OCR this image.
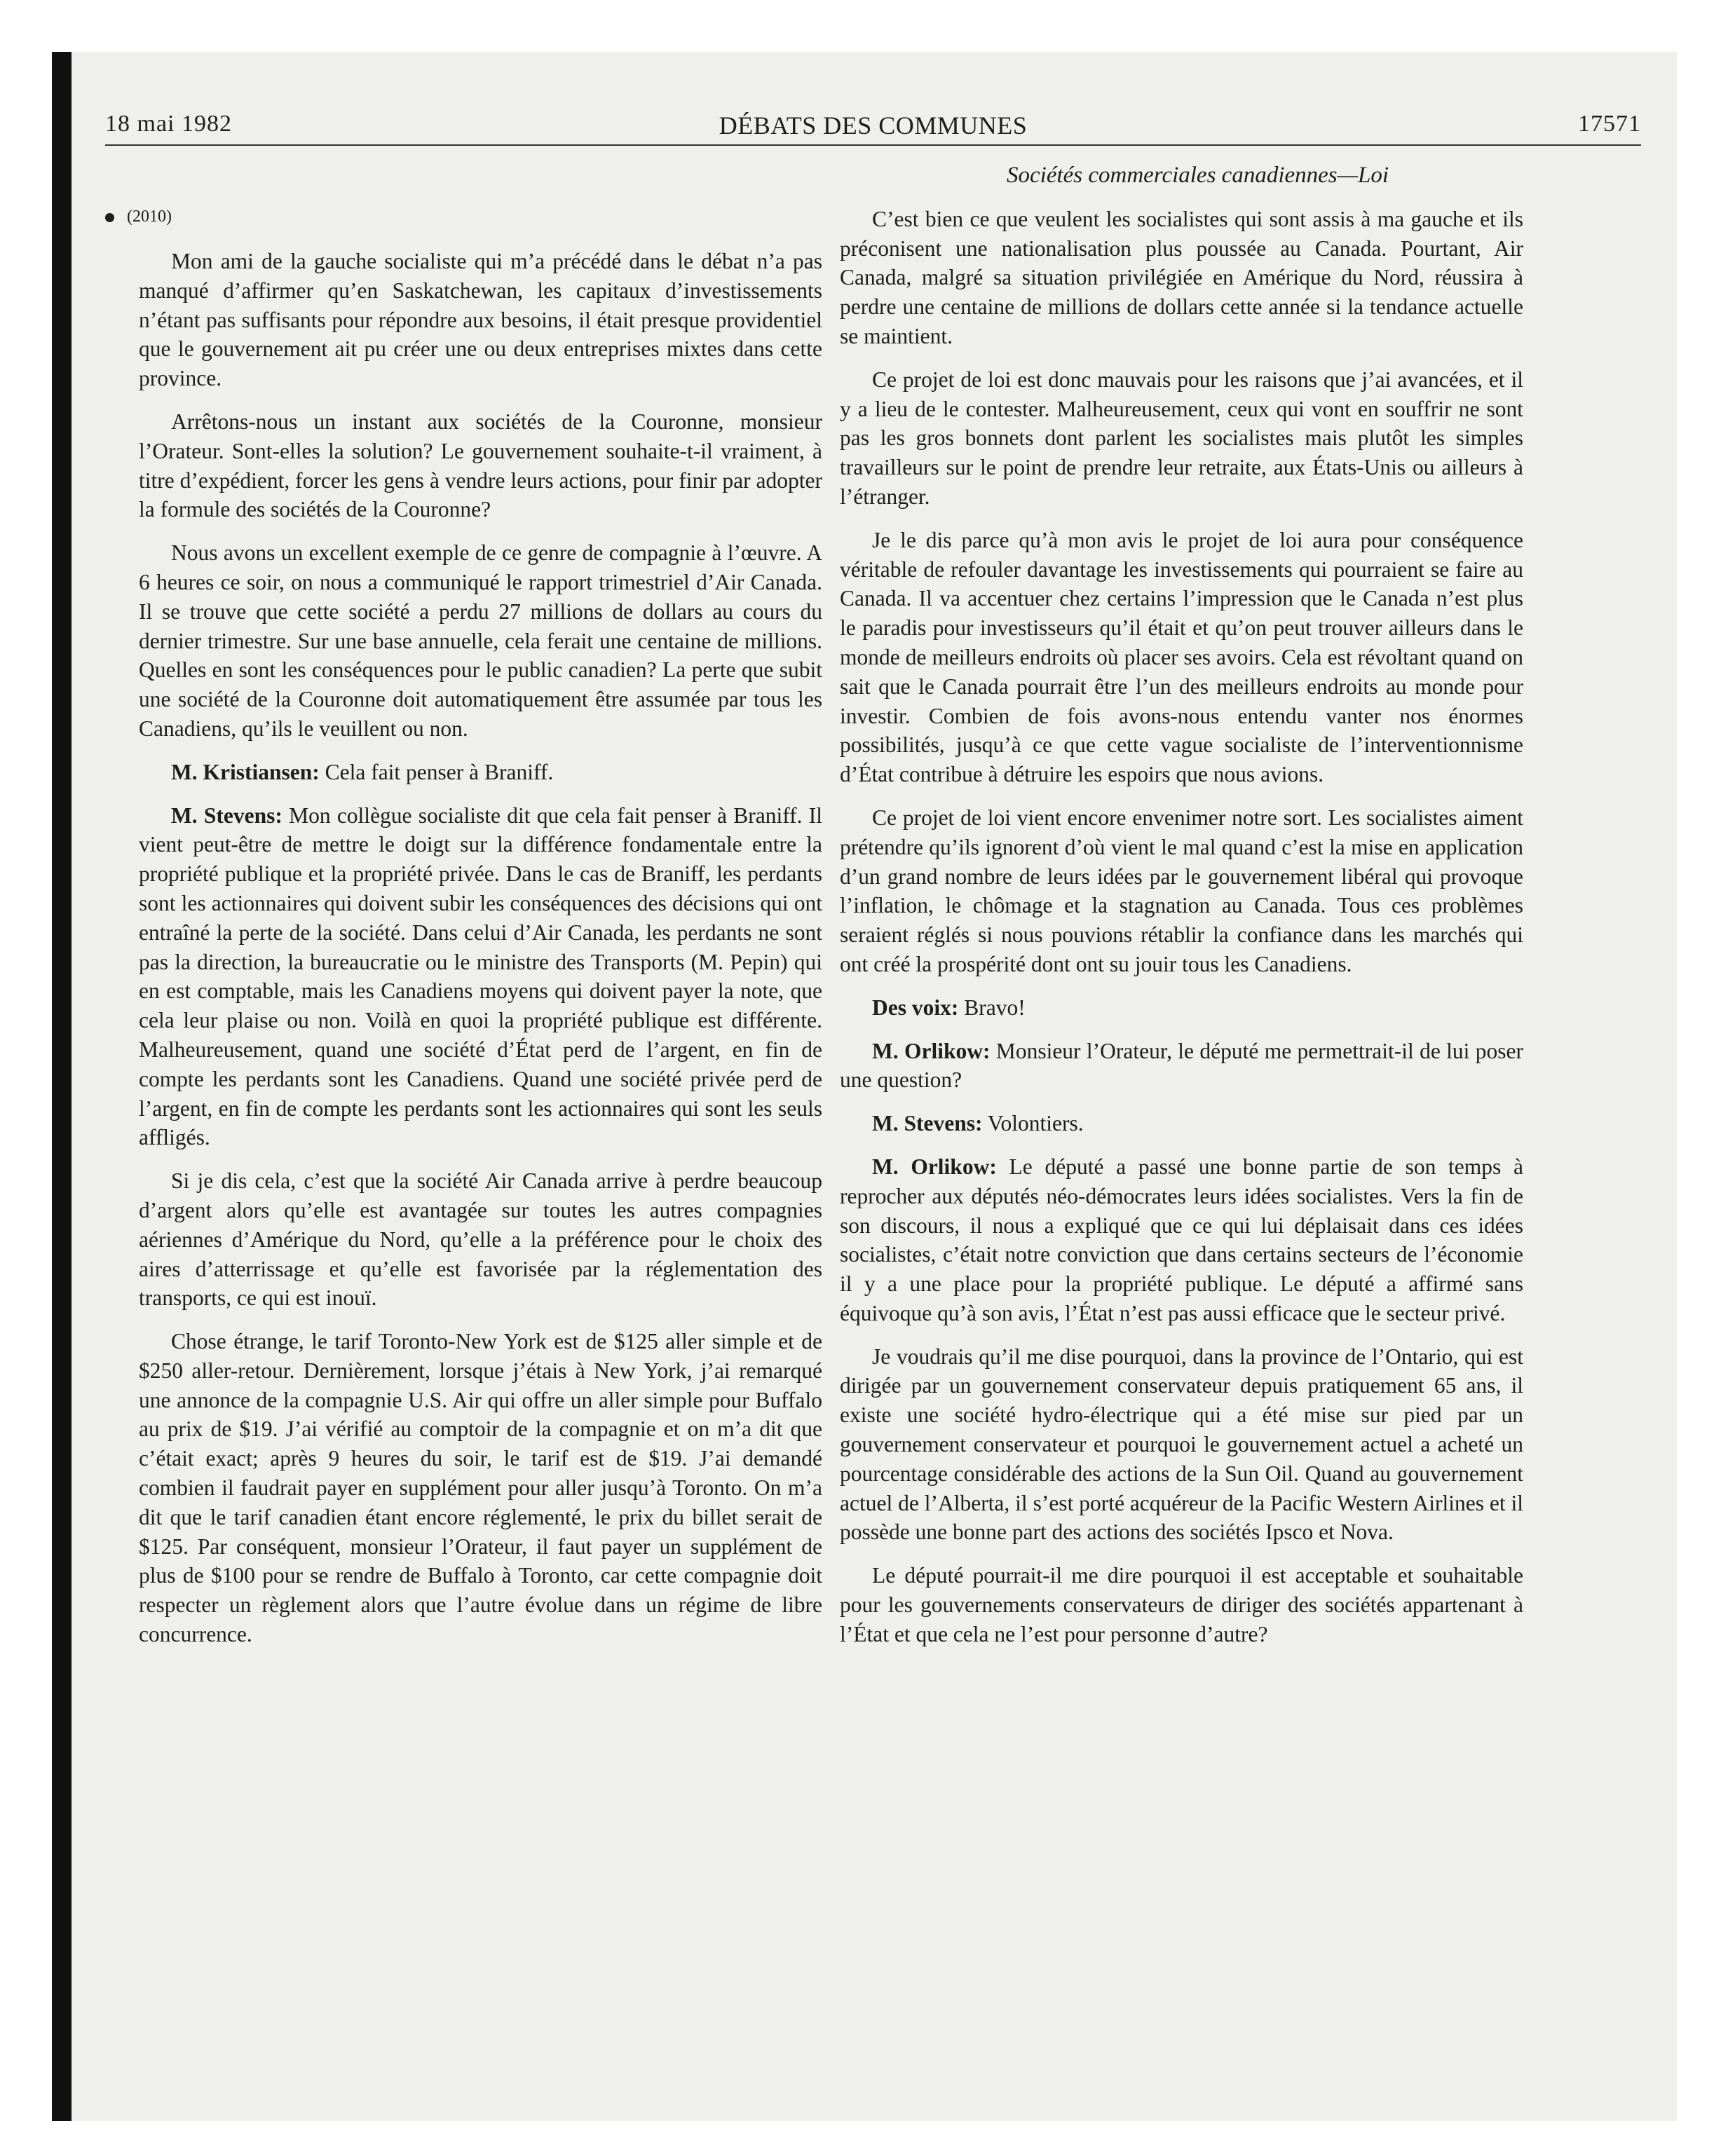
18 mai 1982	DÉBATS DES COMMUNES	17571
(2010)

Mon ami de la gauche socialiste qui m’a précédé dans le débat n’a pas manqué d’affirmer qu’en Saskatchewan, les capitaux d’investissements n’étant pas suffisants pour répondre aux besoins, il était presque providentiel que le gouvernement ait pu créer une ou deux entreprises mixtes dans cette province.

Arrêtons-nous un instant aux sociétés de la Couronne, monsieur l’Orateur. Sont-elles la solution? Le gouvernement souhaite-t-il vraiment, à titre d’expédient, forcer les gens à vendre leurs actions, pour finir par adopter la formule des sociétés de la Couronne?

Nous avons un excellent exemple de ce genre de compagnie à l’œuvre. A 6 heures ce soir, on nous a communiqué le rapport trimestriel d’Air Canada. Il se trouve que cette société a perdu 27 millions de dollars au cours du dernier trimestre. Sur une base annuelle, cela ferait une centaine de millions. Quelles en sont les conséquences pour le public canadien? La perte que subit une société de la Couronne doit automatiquement être assumée par tous les Canadiens, qu’ils le veuillent ou non.

M. Kristiansen: Cela fait penser à Braniff.

M. Stevens: Mon collègue socialiste dit que cela fait penser à Braniff. Il vient peut-être de mettre le doigt sur la différence fondamentale entre la propriété publique et la propriété privée. Dans le cas de Braniff, les perdants sont les actionnaires qui doivent subir les conséquences des décisions qui ont entraîné la perte de la société. Dans celui d’Air Canada, les perdants ne sont pas la direction, la bureaucratie ou le ministre des Transports (M. Pepin) qui en est comptable, mais les Canadiens moyens qui doivent payer la note, que cela leur plaise ou non. Voilà en quoi la propriété publique est différente. Malheureusement, quand une société d’État perd de l’argent, en fin de compte les perdants sont les Canadiens. Quand une société privée perd de l’argent, en fin de compte les perdants sont les actionnaires qui sont les seuls affligés.

Si je dis cela, c’est que la société Air Canada arrive à perdre beaucoup d’argent alors qu’elle est avantagée sur toutes les autres compagnies aériennes d’Amérique du Nord, qu’elle a la préférence pour le choix des aires d’atterrissage et qu’elle est favorisée par la réglementation des transports, ce qui est inouï.

Chose étrange, le tarif Toronto-New York est de $125 aller simple et de $250 aller-retour. Dernièrement, lorsque j’étais à New York, j’ai remarqué une annonce de la compagnie U.S. Air qui offre un aller simple pour Buffalo au prix de $19. J’ai vérifié au comptoir de la compagnie et on m’a dit que c’était exact; après 9 heures du soir, le tarif est de $19. J’ai demandé combien il faudrait payer en supplément pour aller jusqu’à Toronto. On m’a dit que le tarif canadien étant encore réglementé, le prix du billet serait de $125. Par conséquent, monsieur l’Orateur, il faut payer un supplément de plus de $100 pour se rendre de Buffalo à Toronto, car cette compagnie doit respecter un règlement alors que l’autre évolue dans un régime de libre concurrence.

Sociétés commerciales canadiennes—Loi

C’est bien ce que veulent les socialistes qui sont assis à ma gauche et ils préconisent une nationalisation plus poussée au Canada. Pourtant, Air Canada, malgré sa situation privilégiée en Amérique du Nord, réussira à perdre une centaine de millions de dollars cette année si la tendance actuelle se maintient.

Ce projet de loi est donc mauvais pour les raisons que j’ai avancées, et il y a lieu de le contester. Malheureusement, ceux qui vont en souffrir ne sont pas les gros bonnets dont parlent les socialistes mais plutôt les simples travailleurs sur le point de prendre leur retraite, aux États-Unis ou ailleurs à l’étranger.

Je le dis parce qu’à mon avis le projet de loi aura pour conséquence véritable de refouler davantage les investissements qui pourraient se faire au Canada. Il va accentuer chez certains l’impression que le Canada n’est plus le paradis pour investisseurs qu’il était et qu’on peut trouver ailleurs dans le monde de meilleurs endroits où placer ses avoirs. Cela est révoltant quand on sait que le Canada pourrait être l’un des meilleurs endroits au monde pour investir. Combien de fois avons-nous entendu vanter nos énormes possibilités, jusqu’à ce que cette vague socialiste de l’interventionnisme d’État contribue à détruire les espoirs que nous avions.

Ce projet de loi vient encore envenimer notre sort. Les socialistes aiment prétendre qu’ils ignorent d’où vient le mal quand c’est la mise en application d’un grand nombre de leurs idées par le gouvernement libéral qui provoque l’inflation, le chômage et la stagnation au Canada. Tous ces problèmes seraient réglés si nous pouvions rétablir la confiance dans les marchés qui ont créé la prospérité dont ont su jouir tous les Canadiens.

Des voix: Bravo!

M. Orlikow: Monsieur l’Orateur, le député me permettrait-il de lui poser une question?

M. Stevens: Volontiers.

M. Orlikow: Le député a passé une bonne partie de son temps à reprocher aux députés néo-démocrates leurs idées socialistes. Vers la fin de son discours, il nous a expliqué que ce qui lui déplaisait dans ces idées socialistes, c’était notre conviction que dans certains secteurs de l’économie il y a une place pour la propriété publique. Le député a affirmé sans équivoque qu’à son avis, l’État n’est pas aussi efficace que le secteur privé.

Je voudrais qu’il me dise pourquoi, dans la province de l’Ontario, qui est dirigée par un gouvernement conservateur depuis pratiquement 65 ans, il existe une société hydro-électrique qui a été mise sur pied par un gouvernement conservateur et pourquoi le gouvernement actuel a acheté un pourcentage considérable des actions de la Sun Oil. Quand au gouvernement actuel de l’Alberta, il s’est porté acquéreur de la Pacific Western Airlines et il possède une bonne part des actions des sociétés Ipsco et Nova.

Le député pourrait-il me dire pourquoi il est acceptable et souhaitable pour les gouvernements conservateurs de diriger des sociétés appartenant à l’État et que cela ne l’est pour personne d’autre?
